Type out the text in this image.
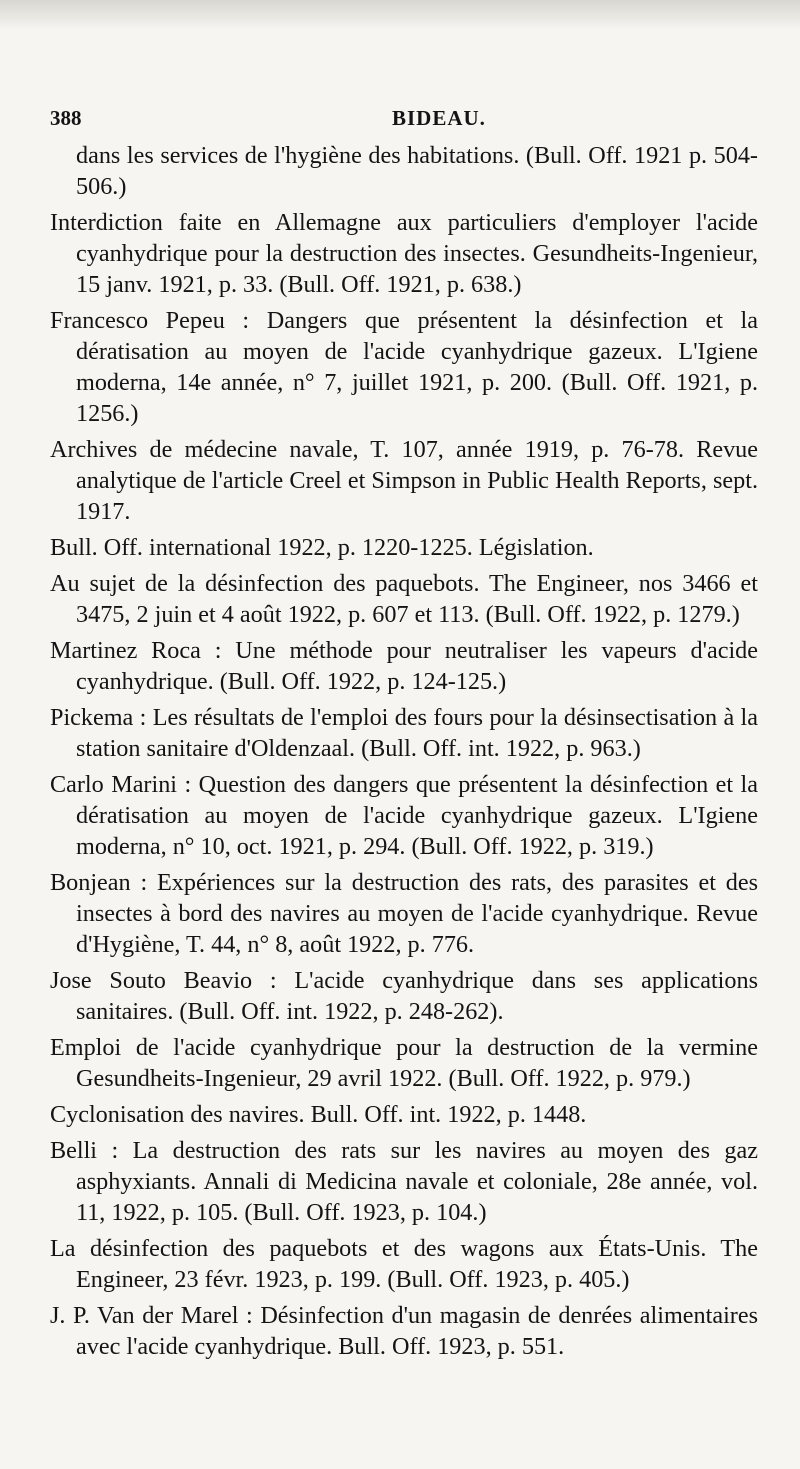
388	BIDEAU.

dans les services de l'hygiène des habitations. (Bull. Off. 1921 p. 504-506.)

Interdiction faite en Allemagne aux particuliers d'employer l'acide cyanhydrique pour la destruction des insectes. Gesundheits-Ingenieur, 15 janv. 1921, p. 33. (Bull. Off. 1921, p. 638.)

Francesco Pepeu : Dangers que présentent la désinfection et la dératisation au moyen de l'acide cyanhydrique gazeux. L'Igiene moderna, 14e année, n° 7, juillet 1921, p. 200. (Bull. Off. 1921, p. 1256.)

Archives de médecine navale, T. 107, année 1919, p. 76-78. Revue analytique de l'article Creel et Simpson in Public Health Reports, sept. 1917.

Bull. Off. international 1922, p. 1220-1225. Législation.

Au sujet de la désinfection des paquebots. The Engineer, nos 3466 et 3475, 2 juin et 4 août 1922, p. 607 et 113. (Bull. Off. 1922, p. 1279.)

Martinez Roca : Une méthode pour neutraliser les vapeurs d'acide cyanhydrique. (Bull. Off. 1922, p. 124-125.)

Pickema : Les résultats de l'emploi des fours pour la désinsectisation à la station sanitaire d'Oldenzaal. (Bull. Off. int. 1922, p. 963.)

Carlo Marini : Question des dangers que présentent la désinfection et la dératisation au moyen de l'acide cyanhydrique gazeux. L'Igiene moderna, n° 10, oct. 1921, p. 294. (Bull. Off. 1922, p. 319.)

Bonjean : Expériences sur la destruction des rats, des parasites et des insectes à bord des navires au moyen de l'acide cyanhydrique. Revue d'Hygiène, T. 44, n° 8, août 1922, p. 776.

Jose Souto Beavio : L'acide cyanhydrique dans ses applications sanitaires. (Bull. Off. int. 1922, p. 248-262).

Emploi de l'acide cyanhydrique pour la destruction de la vermine Gesundheits-Ingenieur, 29 avril 1922. (Bull. Off. 1922, p. 979.)

Cyclonisation des navires. Bull. Off. int. 1922, p. 1448.

Belli : La destruction des rats sur les navires au moyen des gaz asphyxiants. Annali di Medicina navale et coloniale, 28e année, vol. 11, 1922, p. 105. (Bull. Off. 1923, p. 104.)

La désinfection des paquebots et des wagons aux États-Unis. The Engineer, 23 févr. 1923, p. 199. (Bull. Off. 1923, p. 405.)

J. P. Van der Marel : Désinfection d'un magasin de denrées alimentaires avec l'acide cyanhydrique. Bull. Off. 1923, p. 551.
